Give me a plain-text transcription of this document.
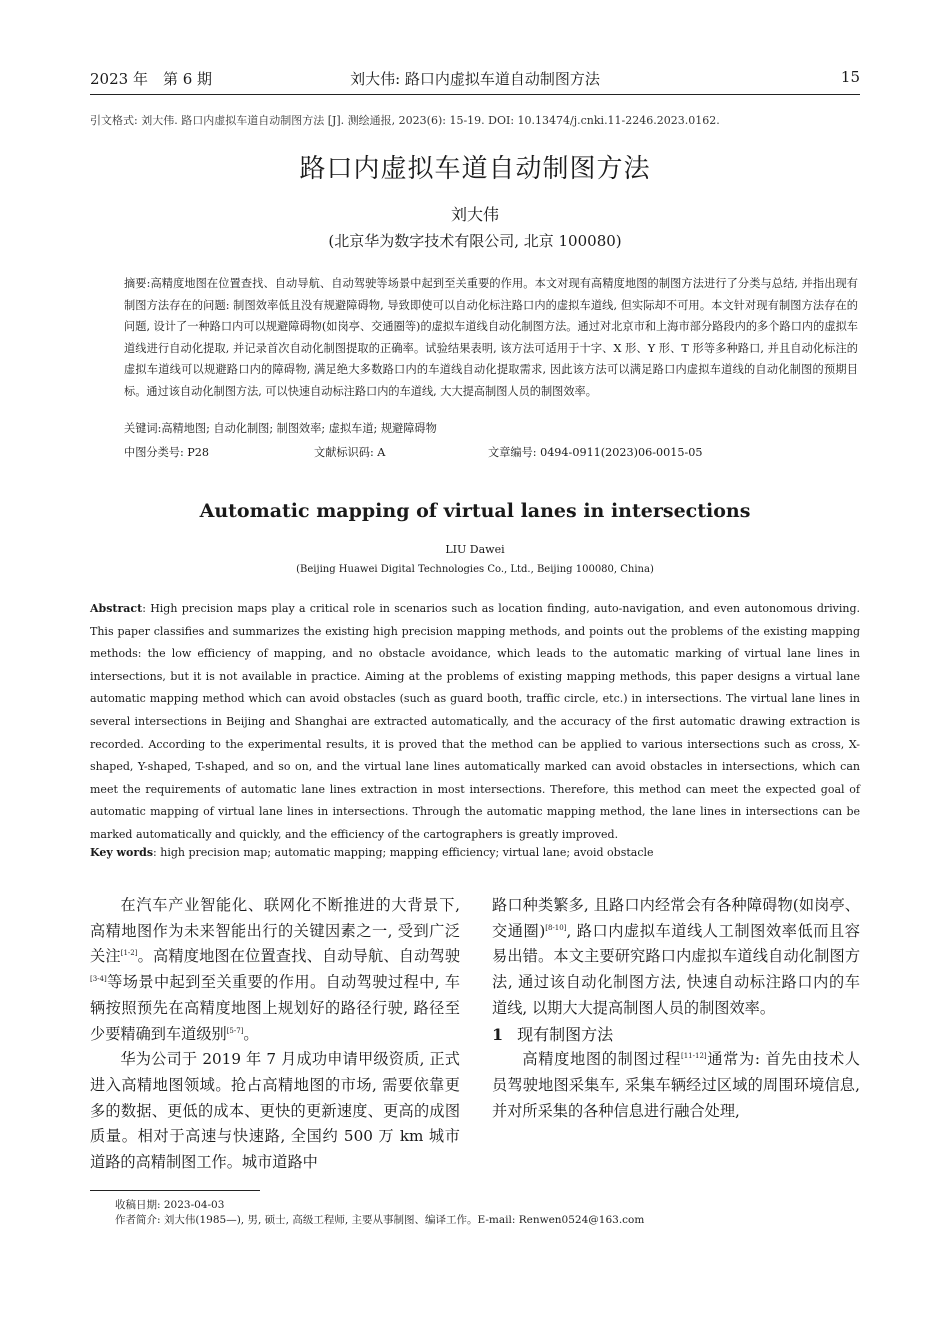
2023 年　第 6 期	刘大伟: 路口内虚拟车道自动制图方法	15
引文格式: 刘大伟. 路口内虚拟车道自动制图方法 [J]. 测绘通报, 2023(6): 15-19. DOI: 10.13474/j.cnki.11-2246.2023.0162.
路口内虚拟车道自动制图方法
刘大伟
(北京华为数字技术有限公司, 北京 100080)
摘要:高精度地图在位置查找、自动导航、自动驾驶等场景中起到至关重要的作用。本文对现有高精度地图的制图方法进行了分类与总结, 并指出现有制图方法存在的问题: 制图效率低且没有规避障碍物, 导致即使可以自动化标注路口内的虚拟车道线, 但实际却不可用。本文针对现有制图方法存在的问题, 设计了一种路口内可以规避障碍物(如岗亭、交通圈等)的虚拟车道线自动化制图方法。通过对北京市和上海市部分路段内的多个路口内的虚拟车道线进行自动化提取, 并记录首次自动化制图提取的正确率。试验结果表明, 该方法可适用于十字、X 形、Y 形、T 形等多种路口, 并且自动化标注的虚拟车道线可以规避路口内的障碍物, 满足绝大多数路口内的车道线自动化提取需求, 因此该方法可以满足路口内虚拟车道线的自动化制图的预期目标。通过该自动化制图方法, 可以快速自动标注路口内的车道线, 大大提高制图人员的制图效率。
关键词:高精地图; 自动化制图; 制图效率; 虚拟车道; 规避障碍物
中图分类号: P28	文献标识码: A	文章编号: 0494-0911(2023)06-0015-05
Automatic mapping of virtual lanes in intersections
LIU Dawei
(Beijing Huawei Digital Technologies Co., Ltd., Beijing 100080, China)
Abstract: High precision maps play a critical role in scenarios such as location finding, auto-navigation, and even autonomous driving. This paper classifies and summarizes the existing high precision mapping methods, and points out the problems of the existing mapping methods: the low efficiency of mapping, and no obstacle avoidance, which leads to the automatic marking of virtual lane lines in intersections, but it is not available in practice. Aiming at the problems of existing mapping methods, this paper designs a virtual lane automatic mapping method which can avoid obstacles (such as guard booth, traffic circle, etc.) in intersections. The virtual lane lines in several intersections in Beijing and Shanghai are extracted automatically, and the accuracy of the first automatic drawing extraction is recorded. According to the experimental results, it is proved that the method can be applied to various intersections such as cross, X-shaped, Y-shaped, T-shaped, and so on, and the virtual lane lines automatically marked can avoid obstacles in intersections, which can meet the requirements of automatic lane lines extraction in most intersections. Therefore, this method can meet the expected goal of automatic mapping of virtual lane lines in intersections. Through the automatic mapping method, the lane lines in intersections can be marked automatically and quickly, and the efficiency of the cartographers is greatly improved.
Key words: high precision map; automatic mapping; mapping efficiency; virtual lane; avoid obstacle

在汽车产业智能化、联网化不断推进的大背景下, 高精地图作为未来智能出行的关键因素之一, 受到广泛关注[1-2]。高精度地图在位置查找、自动导航、自动驾驶[3-4]等场景中起到至关重要的作用。自动驾驶过程中, 车辆按照预先在高精度地图上规划好的路径行驶, 路径至少要精确到车道级别[5-7]。

华为公司于 2019 年 7 月成功申请甲级资质, 正式进入高精地图领域。抢占高精地图的市场, 需要依靠更多的数据、更低的成本、更快的更新速度、更高的成图质量。相对于高速与快速路, 全国约 500 万 km 城市道路的高精制图工作。城市道路中

路口种类繁多, 且路口内经常会有各种障碍物(如岗亭、交通圈)[8-10], 路口内虚拟车道线人工制图效率低而且容易出错。本文主要研究路口内虚拟车道线自动化制图方法, 通过该自动化制图方法, 快速自动标注路口内的车道线, 以期大大提高制图人员的制图效率。

1 现有制图方法

高精度地图的制图过程[11-12]通常为: 首先由技术人员驾驶地图采集车, 采集车辆经过区域的周围环境信息, 并对所采集的各种信息进行融合处理,

收稿日期: 2023-04-03
作者简介: 刘大伟(1985—), 男, 硕士, 高级工程师, 主要从事制图、编译工作。E-mail: Renwen0524@163.com
